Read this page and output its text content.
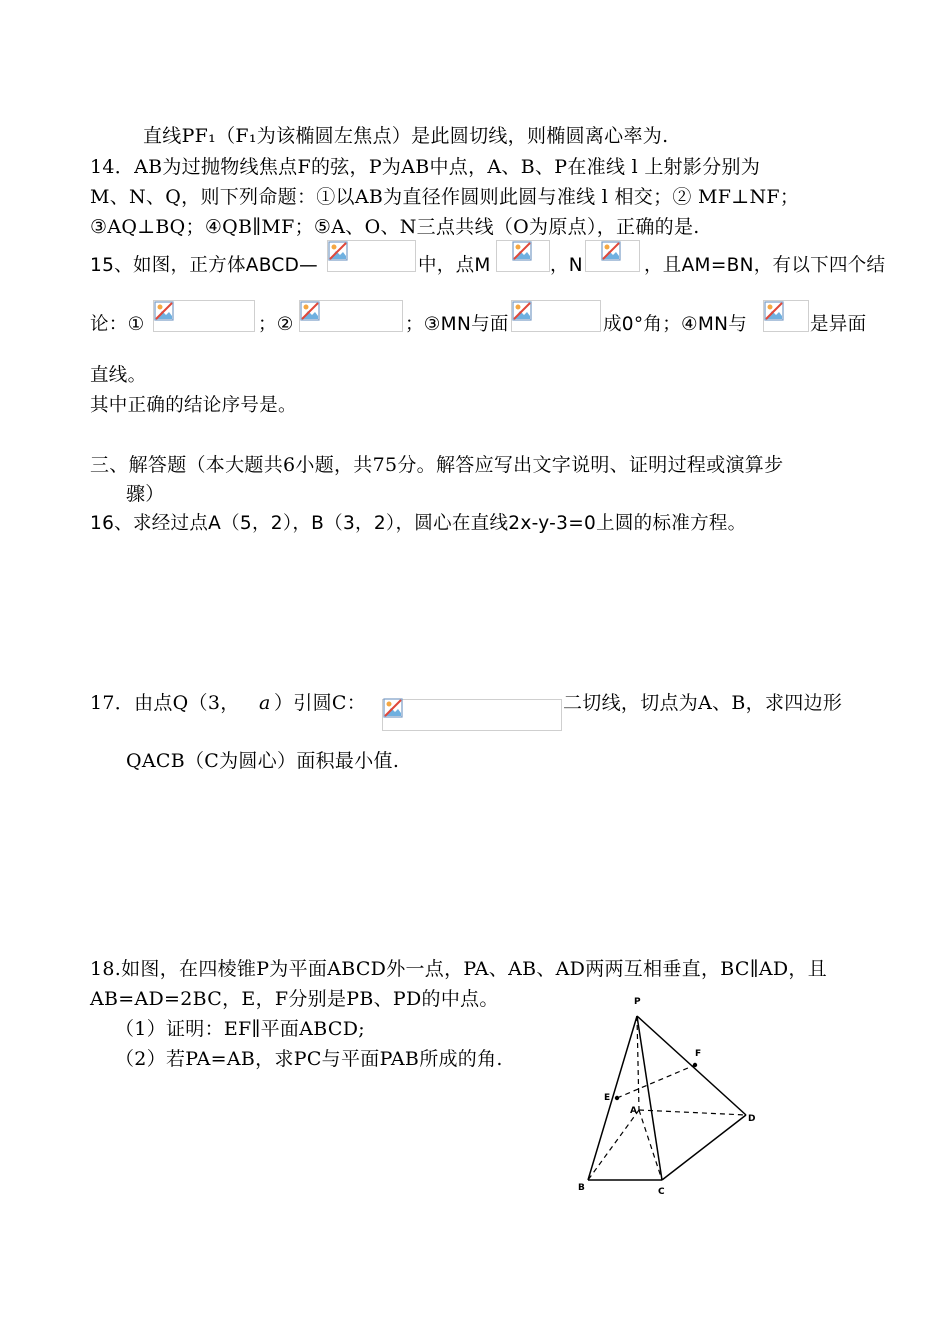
直线PF₁（F₁为该椭圆左焦点）是此圆切线，则椭圆离心率为.
14．AB为过抛物线焦点F的弦，P为AB中点，A、B、P在准线 l 上射影分别为
M、N、Q，则下列命题：①以AB为直径作圆则此圆与准线 l 相交；② MF⊥NF；
③AQ⊥BQ；④QB∥MF；⑤A、O、N三点共线（O为原点），正确的是.
15、如图，正方体ABCD—	中，点M	，N	，且AM=BN，有以下四个结
论：①	；②	；③MN与面	成0°角；④MN与	是异面
直线。
其中正确的结论序号是。
三、解答题（本大题共6小题，共75分。解答应写出文字说明、证明过程或演算步
骤）
16、求经过点A（5，2），B（3，2），圆心在直线2x-y-3=0上圆的标准方程。
17．由点Q（3， a ）引圆C：	二切线，切点为A、B，求四边形
QACB（C为圆心）面积最小值.
18.如图，在四棱锥P为平面ABCD外一点，PA、AB、AD两两互相垂直，BC∥AD，且
AB=AD=2BC，E，F分别是PB、PD的中点。
（1）证明：EF∥平面ABCD;
（2）若PA=AB，求PC与平面PAB所成的角.
P
F
E
A
D
B	C
